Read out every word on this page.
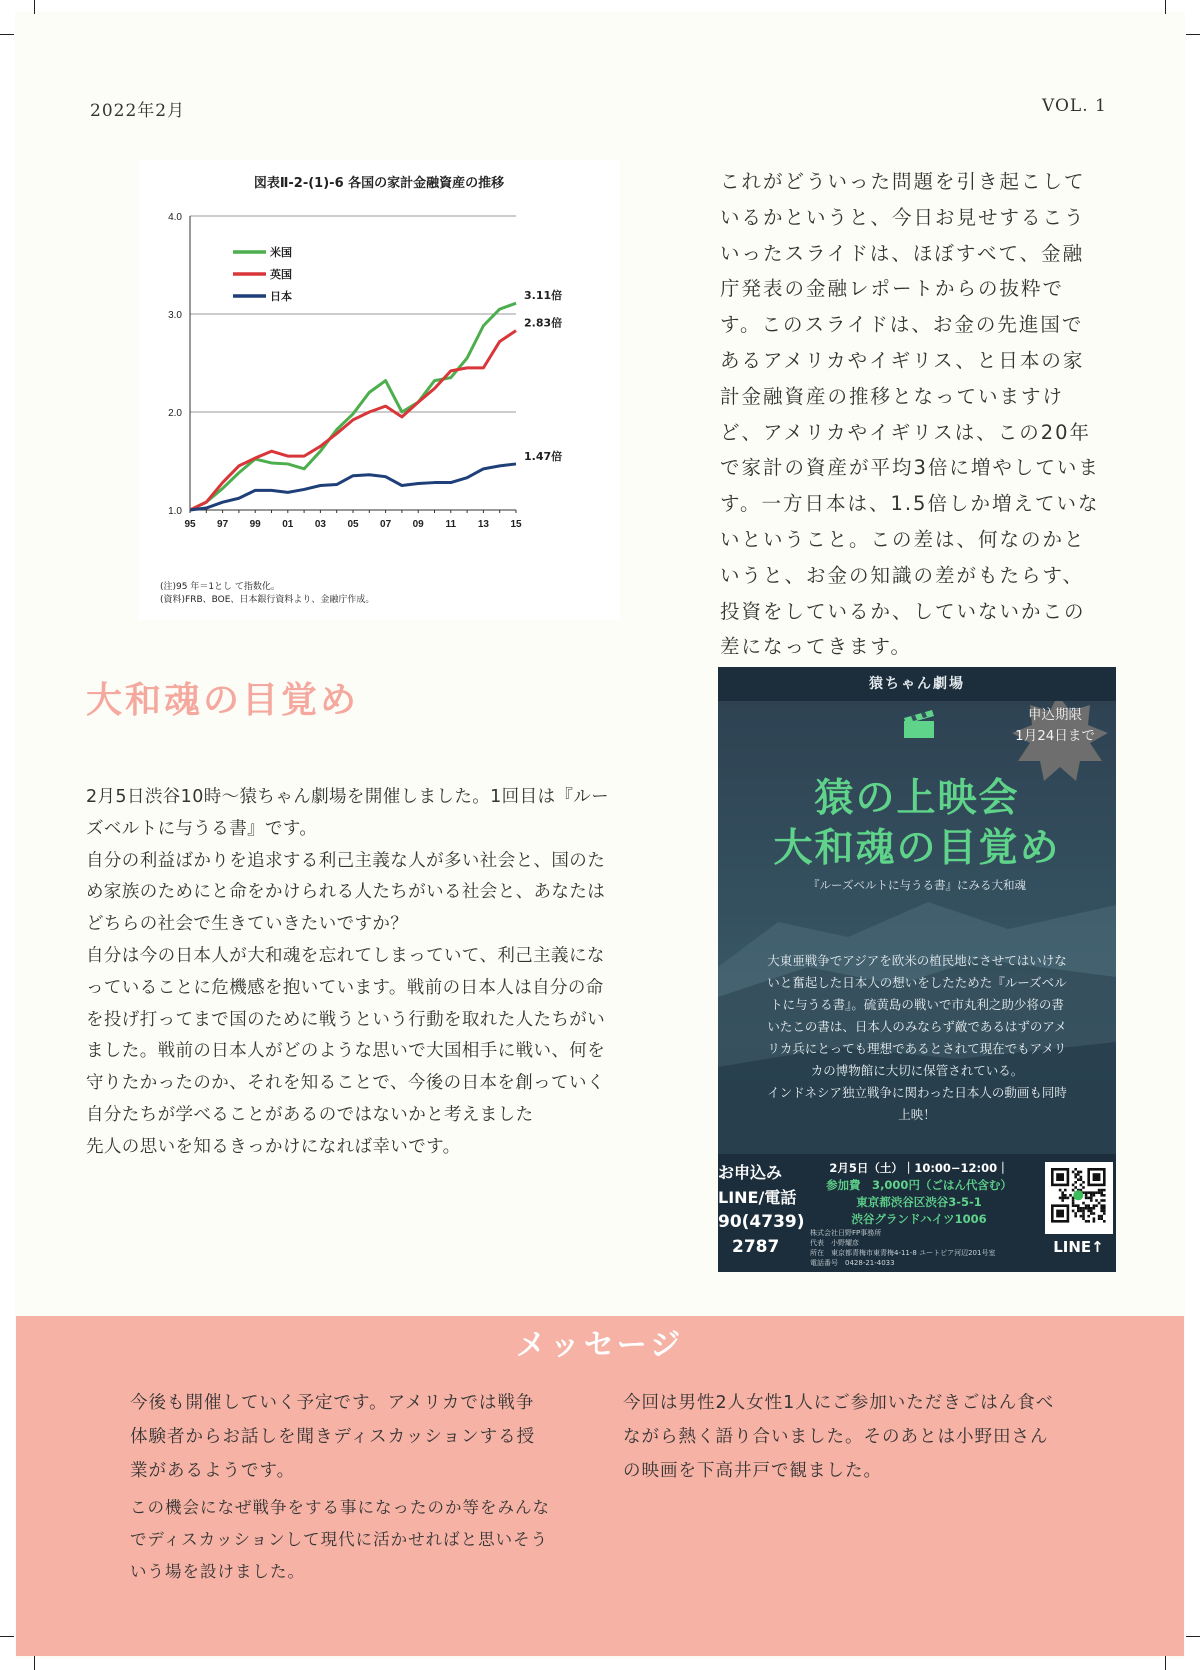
2022年2月	VOL. 1
図表Ⅱ-2-(1)-6 各国の家計金融資産の推移
1.0
2.0
3.0
4.0
95 97 99 01 03 05 07 09 11 13 15
3.11倍
米国
2.83倍
英国
1.47倍
日本
(注)95 年＝1とし て指数化。
(資料)FRB、BOE、日本銀行資料より、金融庁作成。

これがどういった問題を引き起こして
いるかというと、今日お見せするこう
いったスライドは、ほぼすべて、金融
庁発表の金融レポートからの抜粋で
す。このスライドは、お金の先進国で
あるアメリカやイギリス、と日本の家
計金融資産の推移となっていますけ
ど、アメリカやイギリスは、この20年
で家計の資産が平均3倍に増やしていま
す。一方日本は、1.5倍しか増えていな
いということ。この差は、何なのかと
いうと、お金の知識の差がもたらす、
投資をしているか、していないかこの
差になってきます。

大和魂の目覚め

2月5日渋谷10時～猿ちゃん劇場を開催しました。1回目は『ルー
ズベルトに与うる書』です。

自分の利益ばかりを追求する利己主義な人が多い社会と、国のた
め家族のためにと命をかけられる人たちがいる社会と、あなたは
どちらの社会で生きていきたいですか？

自分は今の日本人が大和魂を忘れてしまっていて、利己主義にな
っていることに危機感を抱いています。戦前の日本人は自分の命
を投げ打ってまで国のために戦うという行動を取れた人たちがい
ました。戦前の日本人がどのような思いで大国相手に戦い、何を
守りたかったのか、それを知ることで、今後の日本を創っていく
自分たちが学べることがあるのではないかと考えました

先人の思いを知るきっかけになれば幸いです。

猿ちゃん劇場
申込期限
1月24日まで
猿の上映会
大和魂の目覚め
『ルーズベルトに与うる書』にみる大和魂
大東亜戦争でアジアを欧米の植民地にさせてはいけな
いと奮起した日本人の想いをしたためた『ルーズベル
トに与うる書』。硫黄島の戦いで市丸利之助少将の書
いたこの書は、日本人のみならず敵であるはずのアメ
リカ兵にとっても理想であるとされて現在でもアメリ
カの博物館に大切に保管されている。
インドネシア独立戦争に関わった日本人の動画も同時
上映！
お申込み
LINE/電話
90(4739)
2787
2月5日（土）｜10:00−12:00｜
参加費　3,000円（ごはん代含む）
東京都渋谷区渋谷3-5-1
渋谷グランドハイツ1006
株式会社日野FP事務所
代表　小野耀彦
所在　東京都青梅市東青梅4-11-8 ユートピア河辺201号室
電話番号　0428-21-4033
LINE↑
メッセージ

今後も開催していく予定です。アメリカでは戦争
体験者からお話しを聞きディスカッションする授
業があるようです。

この機会になぜ戦争をする事になったのか等をみんな
でディスカッションして現代に活かせればと思いそう
いう場を設けました。

今回は男性2人女性1人にご参加いただきごはん食べ
ながら熱く語り合いました。そのあとは小野田さん
の映画を下高井戸で観ました。
